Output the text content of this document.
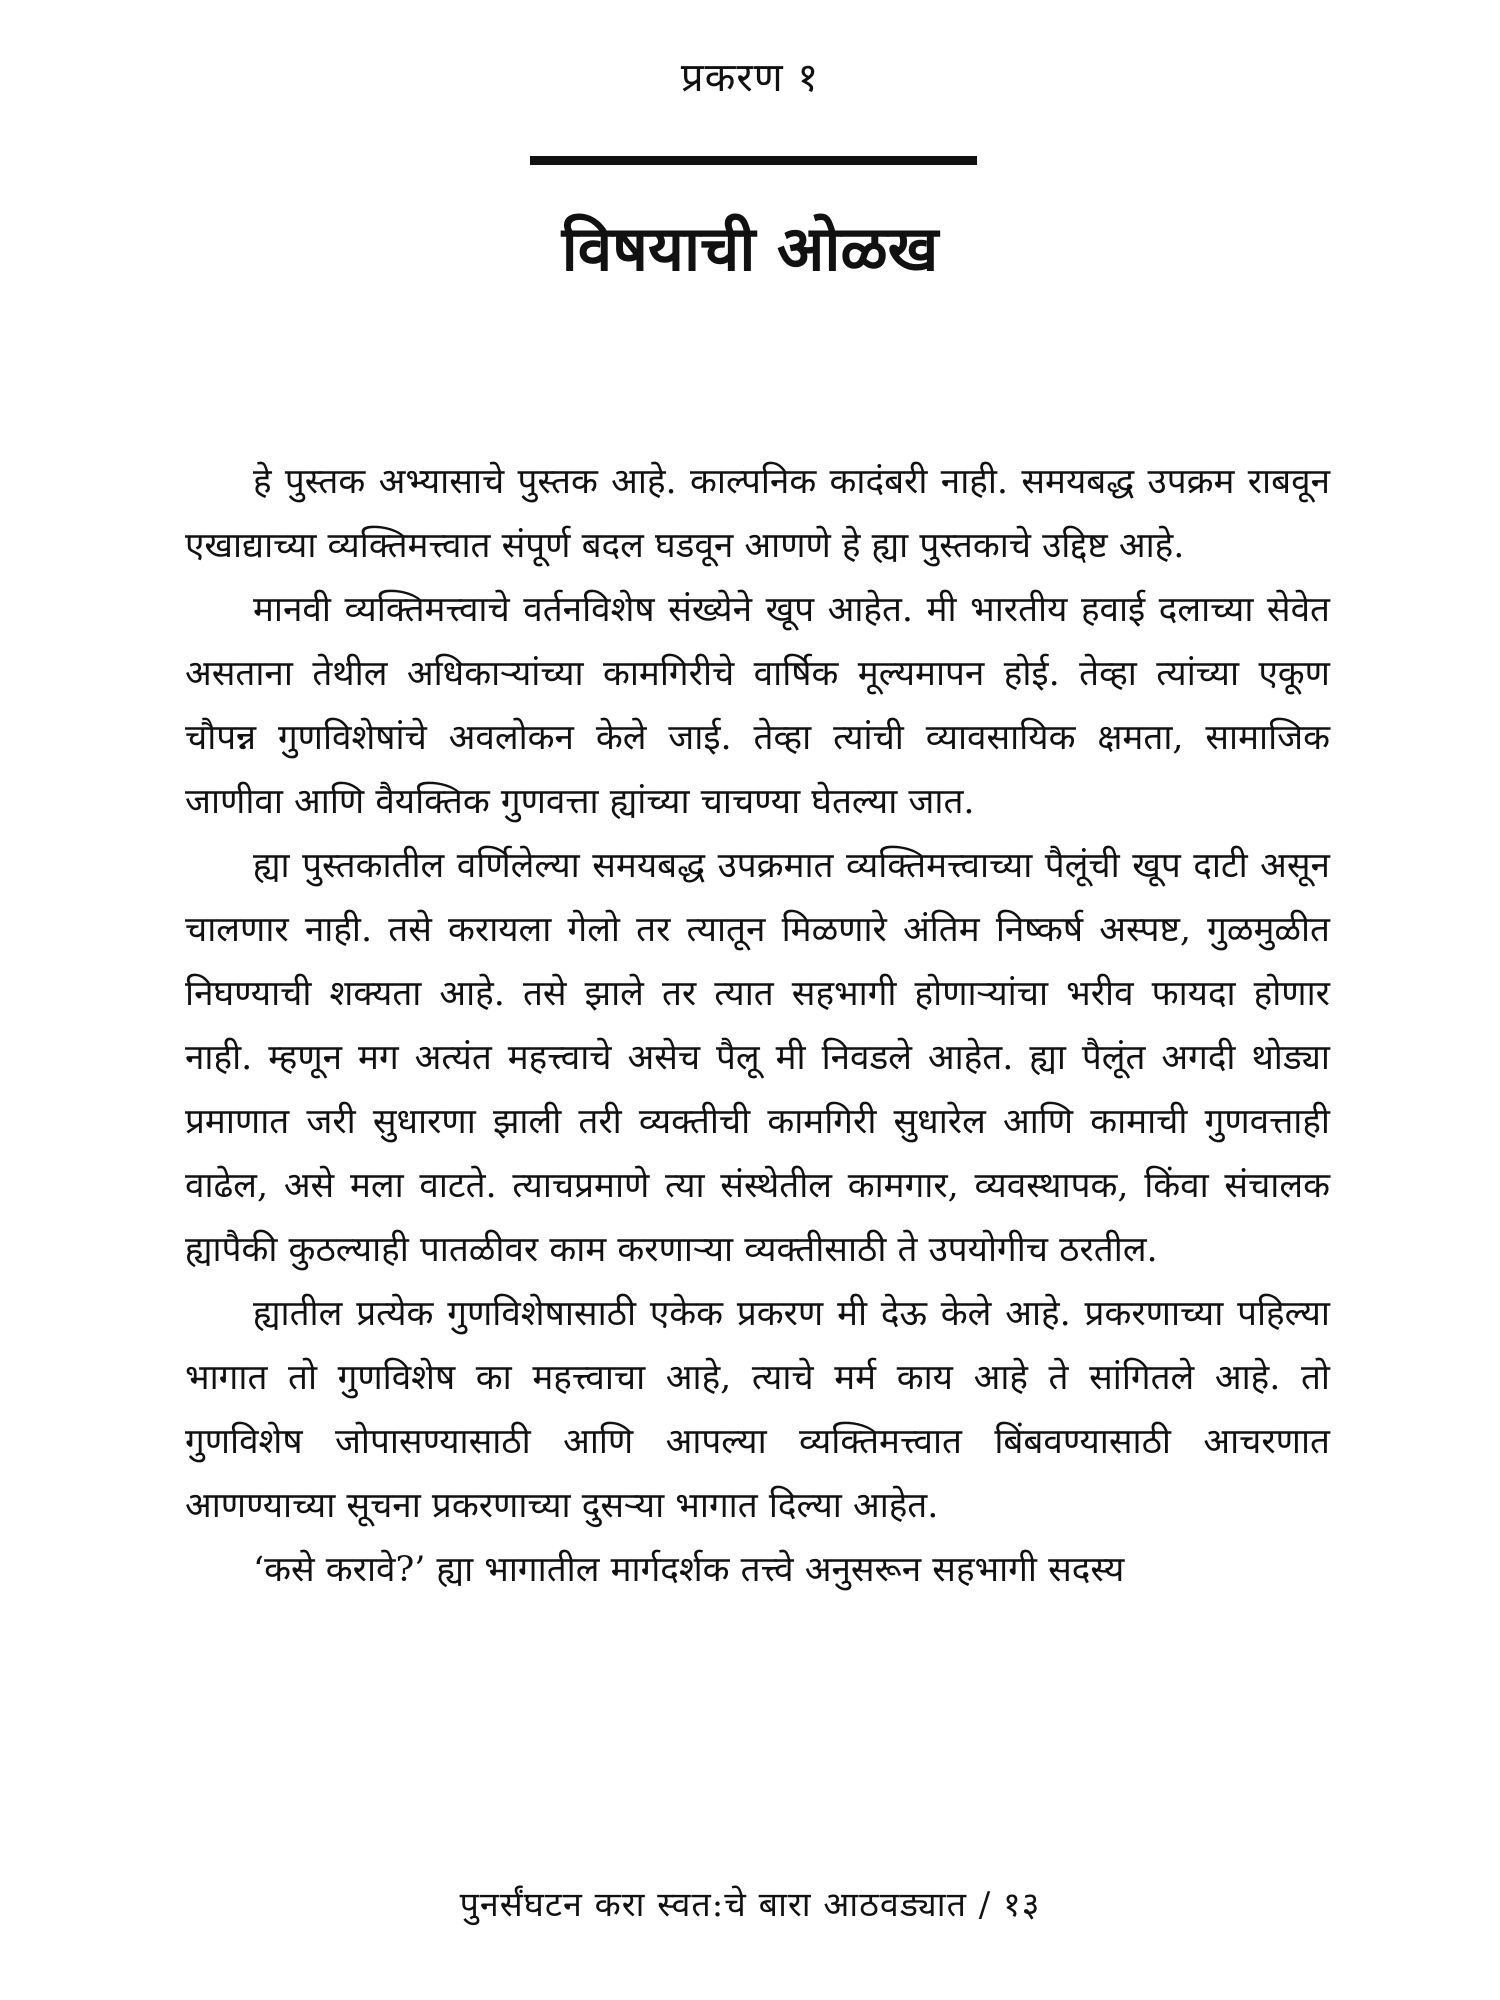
प्रकरण १
विषयाची ओळख

हे पुस्तक अभ्यासाचे पुस्तक आहे. काल्पनिक कादंबरी नाही. समयबद्ध उपक्रम राबवून एखाद्याच्या व्यक्तिमत्त्वात संपूर्ण बदल घडवून आणणे हे ह्या पुस्तकाचे उद्दिष्ट आहे.

मानवी व्यक्तिमत्त्वाचे वर्तनविशेष संख्येने खूप आहेत. मी भारतीय हवाई दलाच्या सेवेत असताना तेथील अधिकाऱ्यांच्या कामगिरीचे वार्षिक मूल्यमापन होई. तेव्हा त्यांच्या एकूण चौपन्न गुणविशेषांचे अवलोकन केले जाई. तेव्हा त्यांची व्यावसायिक क्षमता, सामाजिक जाणीवा आणि वैयक्तिक गुणवत्ता ह्यांच्या चाचण्या घेतल्या जात.

ह्या पुस्तकातील वर्णिलेल्या समयबद्ध उपक्रमात व्यक्तिमत्त्वाच्या पैलूंची खूप दाटी असून चालणार नाही. तसे करायला गेलो तर त्यातून मिळणारे अंतिम निष्कर्ष अस्पष्ट, गुळमुळीत निघण्याची शक्यता आहे. तसे झाले तर त्यात सहभागी होणाऱ्यांचा भरीव फायदा होणार नाही. म्हणून मग अत्यंत महत्त्वाचे असेच पैलू मी निवडले आहेत. ह्या पैलूंत अगदी थोड्या प्रमाणात जरी सुधारणा झाली तरी व्यक्तीची कामगिरी सुधारेल आणि कामाची गुणवत्ताही वाढेल, असे मला वाटते. त्याचप्रमाणे त्या संस्थेतील कामगार, व्यवस्थापक, किंवा संचालक ह्यापैकी कुठल्याही पातळीवर काम करणाऱ्या व्यक्तीसाठी ते उपयोगीच ठरतील.

ह्यातील प्रत्येक गुणविशेषासाठी एकेक प्रकरण मी देऊ केले आहे. प्रकरणाच्या पहिल्या भागात तो गुणविशेष का महत्त्वाचा आहे, त्याचे मर्म काय आहे ते सांगितले आहे. तो गुणविशेष जोपासण्यासाठी आणि आपल्या व्यक्तिमत्त्वात बिंबवण्यासाठी आचरणात आणण्याच्या सूचना प्रकरणाच्या दुसऱ्या भागात दिल्या आहेत.

‘कसे करावे?’ ह्या भागातील मार्गदर्शक तत्त्वे अनुसरून सहभागी सदस्य

पुनर्संघटन करा स्वत:चे बारा आठवड्यात / १३
